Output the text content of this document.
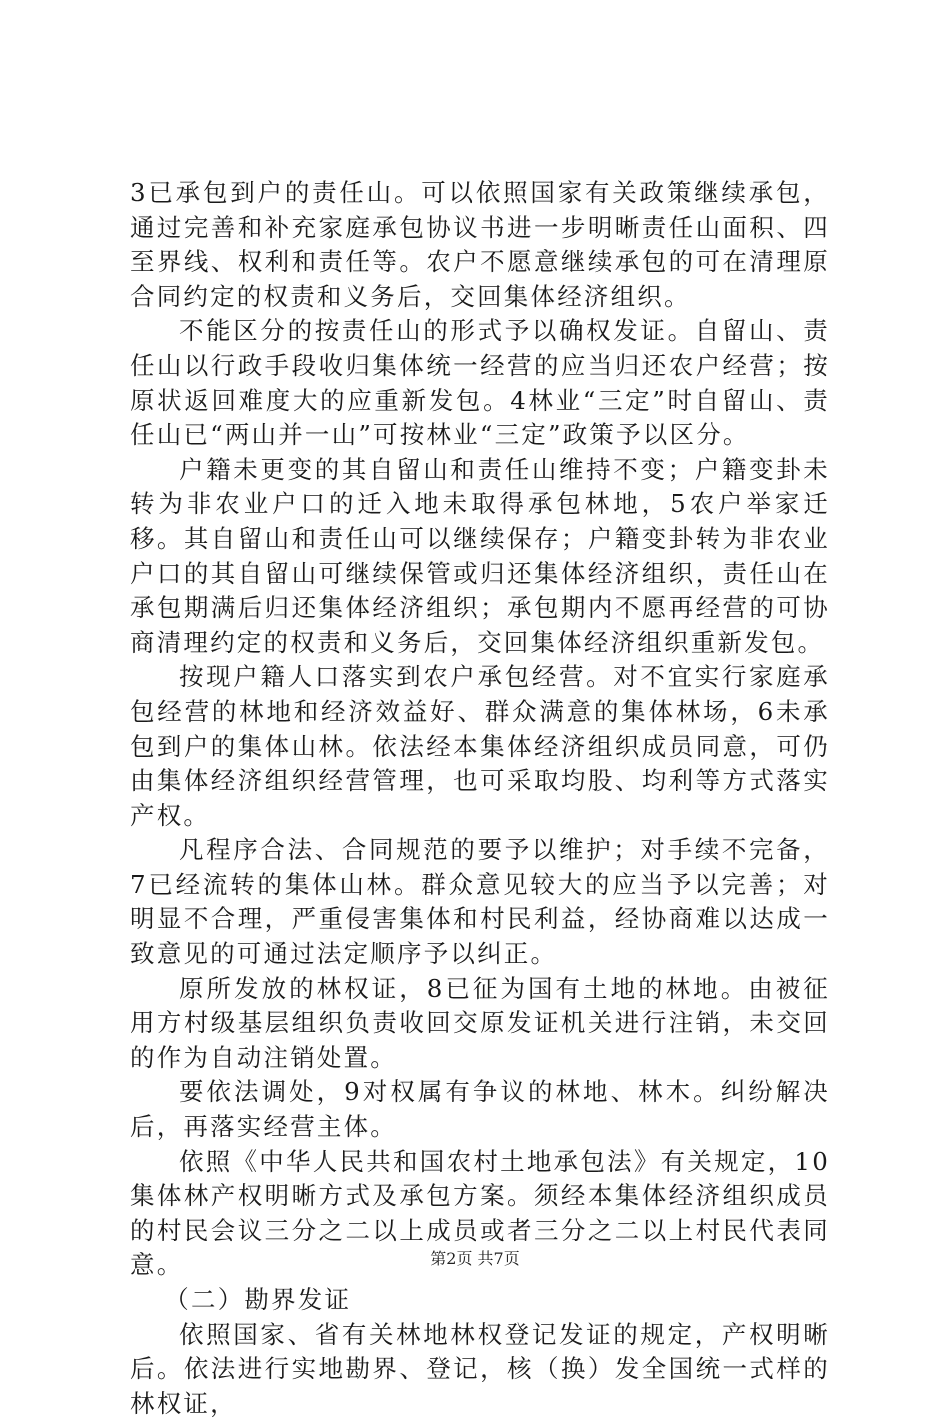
3已承包到户的责任山。可以依照国家有关政策继续承包，通过完善和补充家庭承包协议书进一步明晰责任山面积、四至界线、权利和责任等。农户不愿意继续承包的可在清理原合同约定的权责和义务后，交回集体经济组织。

不能区分的按责任山的形式予以确权发证。自留山、责任山以行政手段收归集体统一经营的应当归还农户经营；按原状返回难度大的应重新发包。4林业“三定”时自留山、责任山已“两山并一山”可按林业“三定”政策予以区分。

户籍未更变的其自留山和责任山维持不变；户籍变卦未转为非农业户口的迁入地未取得承包林地，5农户举家迁移。其自留山和责任山可以继续保存；户籍变卦转为非农业户口的其自留山可继续保管或归还集体经济组织，责任山在承包期满后归还集体经济组织；承包期内不愿再经营的可协商清理约定的权责和义务后，交回集体经济组织重新发包。

按现户籍人口落实到农户承包经营。对不宜实行家庭承包经营的林地和经济效益好、群众满意的集体林场，6未承包到户的集体山林。依法经本集体经济组织成员同意，可仍由集体经济组织经营管理，也可采取均股、均利等方式落实产权。

凡程序合法、合同规范的要予以维护；对手续不完备，7已经流转的集体山林。群众意见较大的应当予以完善；对明显不合理，严重侵害集体和村民利益，经协商难以达成一致意见的可通过法定顺序予以纠正。

原所发放的林权证，8已征为国有土地的林地。由被征用方村级基层组织负责收回交原发证机关进行注销，未交回的作为自动注销处置。

要依法调处，9对权属有争议的林地、林木。纠纷解决后，再落实经营主体。

依照《中华人民共和国农村土地承包法》有关规定，10集体林产权明晰方式及承包方案。须经本集体经济组织成员的村民会议三分之二以上成员或者三分之二以上村民代表同意。

（二）勘界发证

依照国家、省有关林地林权登记发证的规定，产权明晰后。依法进行实地勘界、登记，核（换）发全国统一式样的林权证，

第2页 共7页
